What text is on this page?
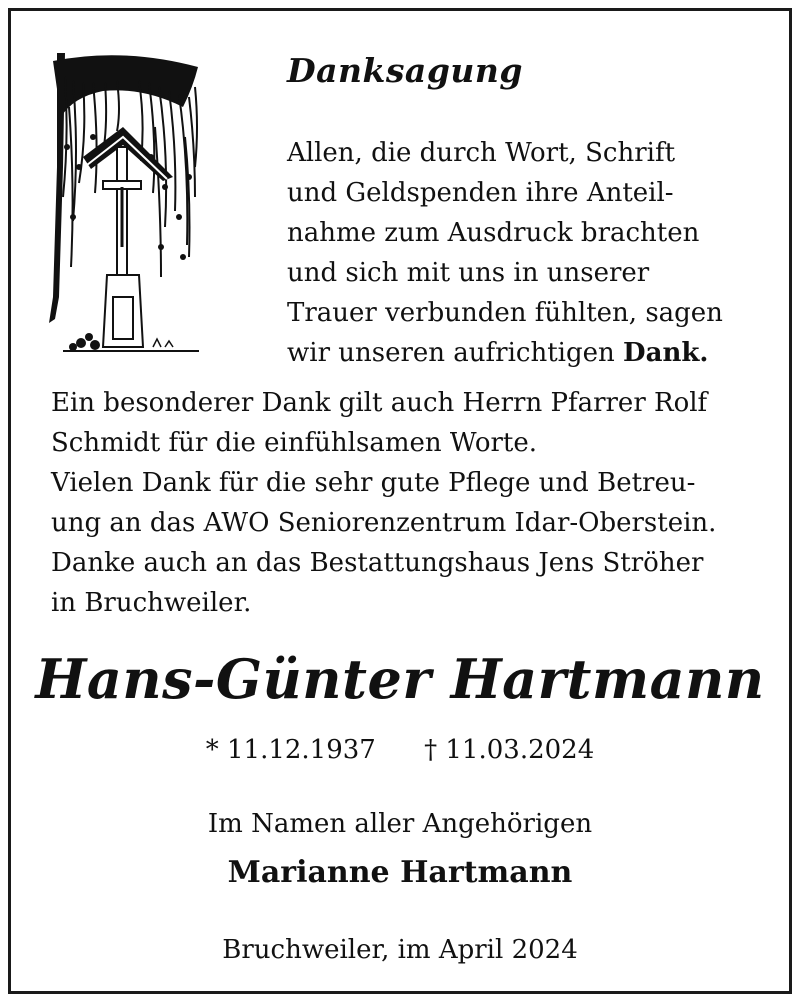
Danksagung
Allen, die durch Wort, Schrift
und Geldspenden ihre Anteil-
nahme zum Ausdruck brachten
und sich mit uns in unserer
Trauer verbunden fühlten, sagen
wir unseren aufrichtigen Dank.
Ein besonderer Dank gilt auch Herrn Pfarrer Rolf
Schmidt für die einfühlsamen Worte.
Vielen Dank für die sehr gute Pflege und Betreu-
ung an das AWO Seniorenzentrum Idar-Oberstein.
Danke auch an das Bestattungshaus Jens Ströher
in Bruchweiler.
Hans-Günter Hartmann
* 11.12.1937 † 11.03.2024
Im Namen aller Angehörigen
Marianne Hartmann
Bruchweiler, im April 2024
